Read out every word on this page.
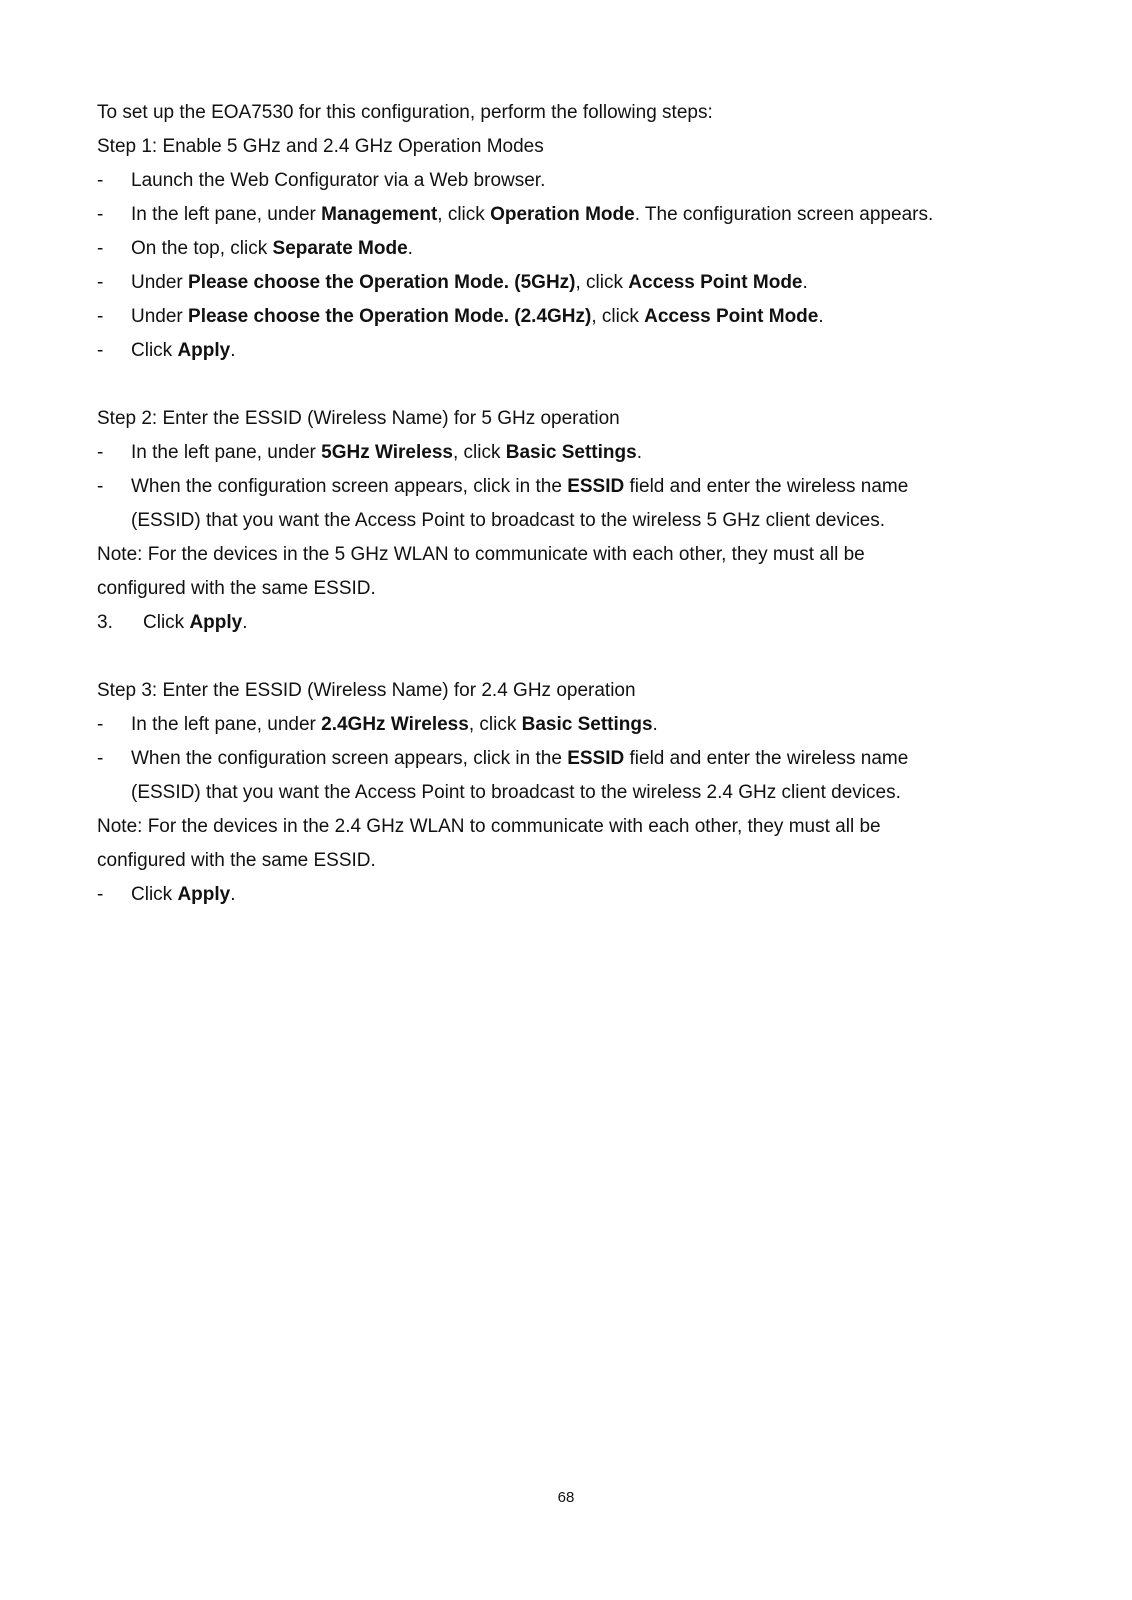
To set up the EOA7530 for this configuration, perform the following steps:
Step 1: Enable 5 GHz and 2.4 GHz Operation Modes
- Launch the Web Configurator via a Web browser.
- In the left pane, under Management, click Operation Mode. The configuration screen appears.
- On the top, click Separate Mode.
- Under Please choose the Operation Mode. (5GHz), click Access Point Mode.
- Under Please choose the Operation Mode. (2.4GHz), click Access Point Mode.
- Click Apply.
Step 2: Enter the ESSID (Wireless Name) for 5 GHz operation
- In the left pane, under 5GHz Wireless, click Basic Settings.
- When the configuration screen appears, click in the ESSID field and enter the wireless name
(ESSID) that you want the Access Point to broadcast to the wireless 5 GHz client devices.
Note: For the devices in the 5 GHz WLAN to communicate with each other, they must all be
configured with the same ESSID.
3. Click Apply.
Step 3: Enter the ESSID (Wireless Name) for 2.4 GHz operation
- In the left pane, under 2.4GHz Wireless, click Basic Settings.
- When the configuration screen appears, click in the ESSID field and enter the wireless name
(ESSID) that you want the Access Point to broadcast to the wireless 2.4 GHz client devices.
Note: For the devices in the 2.4 GHz WLAN to communicate with each other, they must all be
configured with the same ESSID.
- Click Apply.
68
